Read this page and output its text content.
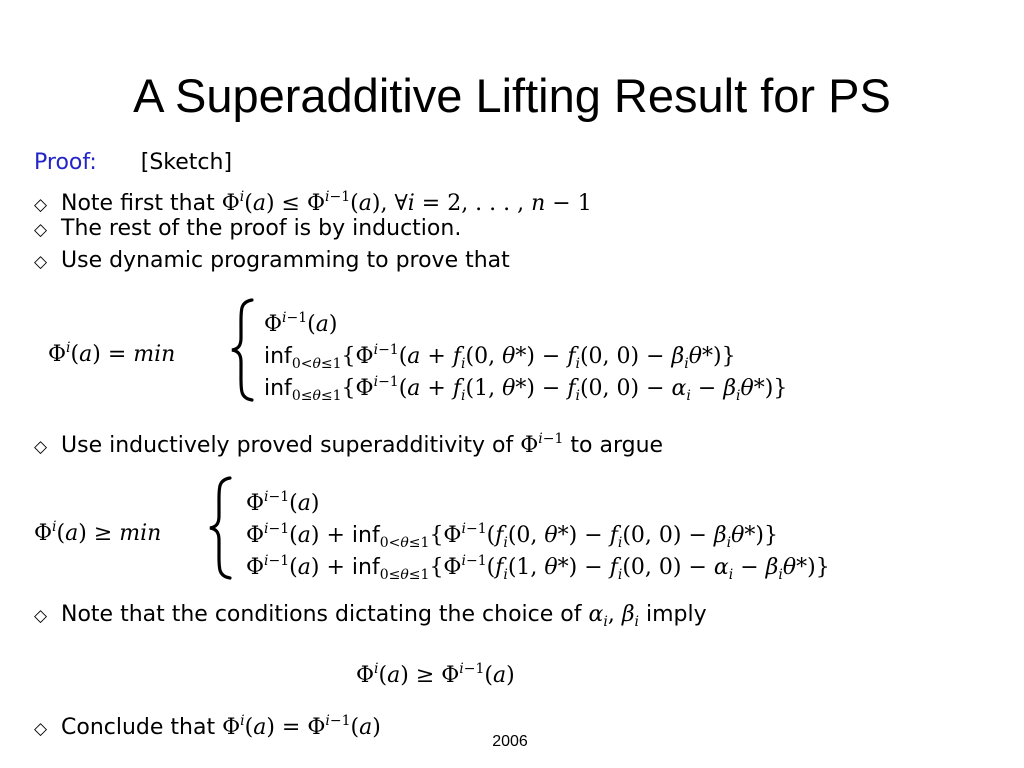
A Superadditive Lifting Result for PS
Proof: [Sketch]
◇ Note first that $\Phi^i(a) \le \Phi^{i-1}(a)$, ∀i = 2, . . . , n − 1
◇ The rest of the proof is by induction.
◇ Use dynamic programming to prove that
$\Phi^i(a) = \min$
$\Phi^{i-1}(a)$
$inf_{0<\theta\le 1}\{\Phi^{i-1}(a + f_i(0$, $\theta*) - f_i(0$, $0) - \beta_i\theta*$)}
$inf_{0\le\theta\le 1}\{\Phi^{i-1}(a + f_i(1$, $\theta*) - f_i(0$, $0) - \alpha_i - \beta_i\theta*$)}
◇ Use inductively proved superadditivity of $\Phi^{i-1}$ to argue
$\Phi^i(a) \ge \min$
$\Phi^{i-1}(a)$
$\Phi^{i-1}(a) + inf_{0<\theta\le 1}\{\Phi^{i-1}(f_i(0$, $\theta*) - f_i(0$, $0) - \beta_i\theta*$)}
$\Phi^{i-1}(a) + inf_{0\le\theta\le 1}\{\Phi^{i-1}(f_i(1$, $\theta*) - f_i(0$, $0) - \alpha_i - \beta_i\theta*$)}
◇ Note that the conditions dictating the choice of $\alpha_i$, $\beta_i$ imply
$\Phi^i(a) \ge \Phi^{i-1}(a)$
◇ Conclude that $\Phi^i(a) = \Phi^{i-1}(a)$
2006
